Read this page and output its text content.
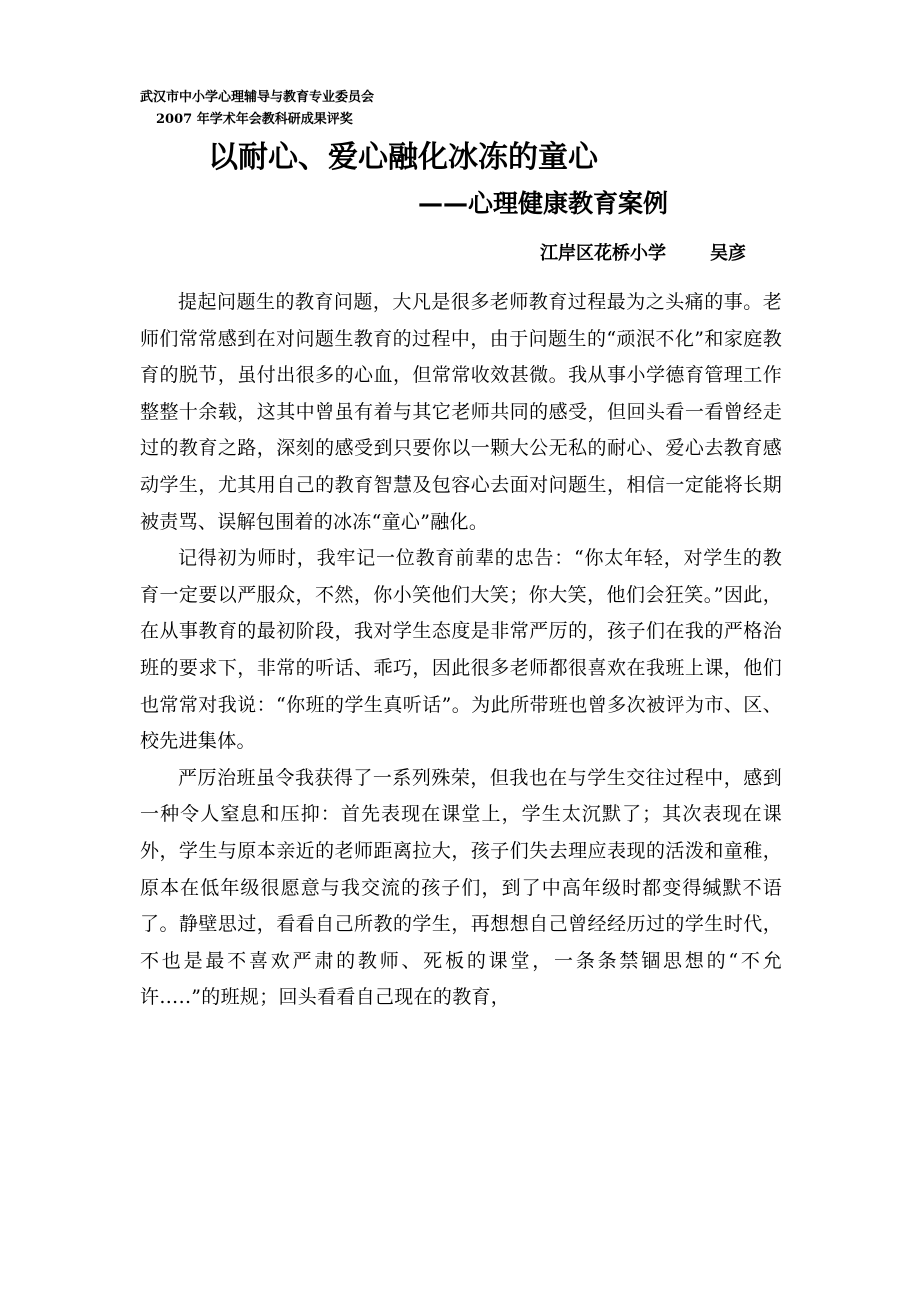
武汉市中小学心理辅导与教育专业委员会
2007 年学术年会教科研成果评奖
以耐心、爱心融化冰冻的童心
——心理健康教育案例
江岸区花桥小学 吴彦

提起问题生的教育问题，大凡是很多老师教育过程最为之头痛的事。老师们常常感到在对问题生教育的过程中，由于问题生的“顽泯不化”和家庭教育的脱节，虽付出很多的心血，但常常收效甚微。我从事小学德育管理工作整整十余载，这其中曾虽有着与其它老师共同的感受，但回头看一看曾经走过的教育之路，深刻的感受到只要你以一颗大公无私的耐心、爱心去教育感动学生，尤其用自己的教育智慧及包容心去面对问题生，相信一定能将长期被责骂、误解包围着的冰冻“童心”融化。

记得初为师时，我牢记一位教育前辈的忠告：“你太年轻，对学生的教育一定要以严服众，不然，你小笑他们大笑；你大笑，他们会狂笑。”因此，在从事教育的最初阶段，我对学生态度是非常严厉的，孩子们在我的严格治班的要求下，非常的听话、乖巧，因此很多老师都很喜欢在我班上课，他们也常常对我说：“你班的学生真听话”。为此所带班也曾多次被评为市、区、校先进集体。

严厉治班虽令我获得了一系列殊荣，但我也在与学生交往过程中，感到一种令人窒息和压抑：首先表现在课堂上，学生太沉默了；其次表现在课外，学生与原本亲近的老师距离拉大，孩子们失去理应表现的活泼和童稚，原本在低年级很愿意与我交流的孩子们，到了中高年级时都变得缄默不语了。静壁思过，看看自己所教的学生，再想想自己曾经经历过的学生时代，不也是最不喜欢严肃的教师、死板的课堂，一条条禁锢思想的“不允许…..”的班规；回头看看自己现在的教育，
